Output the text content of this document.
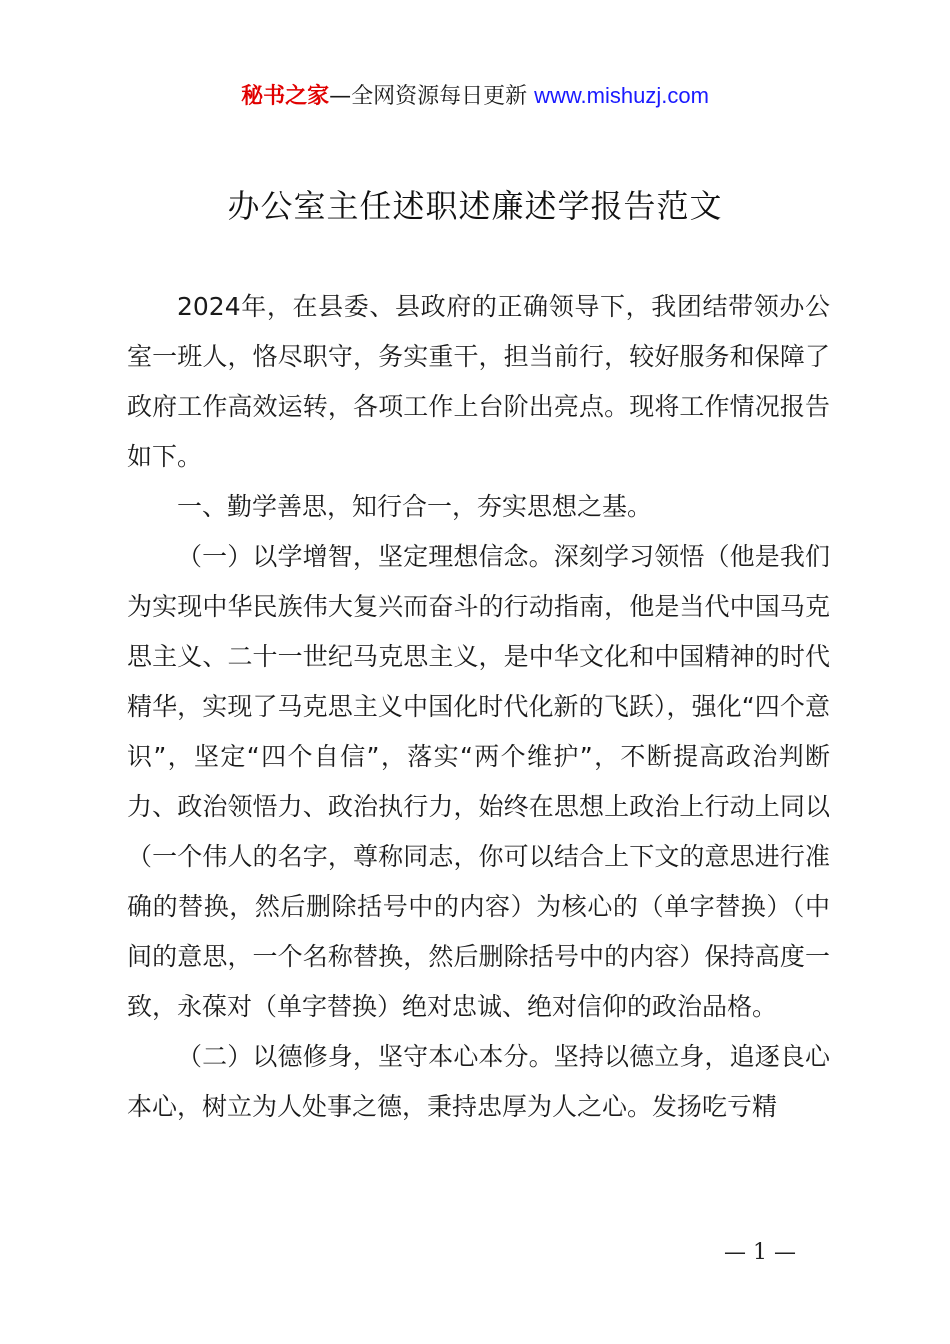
秘书之家—全网资源每日更新 www.mishuzj.com
办公室主任述职述廉述学报告范文

2024年，在县委、县政府的正确领导下，我团结带领办公室一班人，恪尽职守，务实重干，担当前行，较好服务和保障了政府工作高效运转，各项工作上台阶出亮点。现将工作情况报告如下。

一、勤学善思，知行合一，夯实思想之基。

（一）以学增智，坚定理想信念。深刻学习领悟（他是我们为实现中华民族伟大复兴而奋斗的行动指南，他是当代中国马克思主义、二十一世纪马克思主义，是中华文化和中国精神的时代精华，实现了马克思主义中国化时代化新的飞跃），强化“四个意识”，坚定“四个自信”，落实“两个维护”，不断提高政治判断力、政治领悟力、政治执行力，始终在思想上政治上行动上同以（一个伟人的名字，尊称同志，你可以结合上下文的意思进行准确的替换，然后删除括号中的内容）为核心的（单字替换）（中间的意思，一个名称替换，然后删除括号中的内容）保持高度一致，永葆对（单字替换）绝对忠诚、绝对信仰的政治品格。

（二）以德修身，坚守本心本分。坚持以德立身，追逐良心本心，树立为人处事之德，秉持忠厚为人之心。发扬吃亏精

— 1 —
